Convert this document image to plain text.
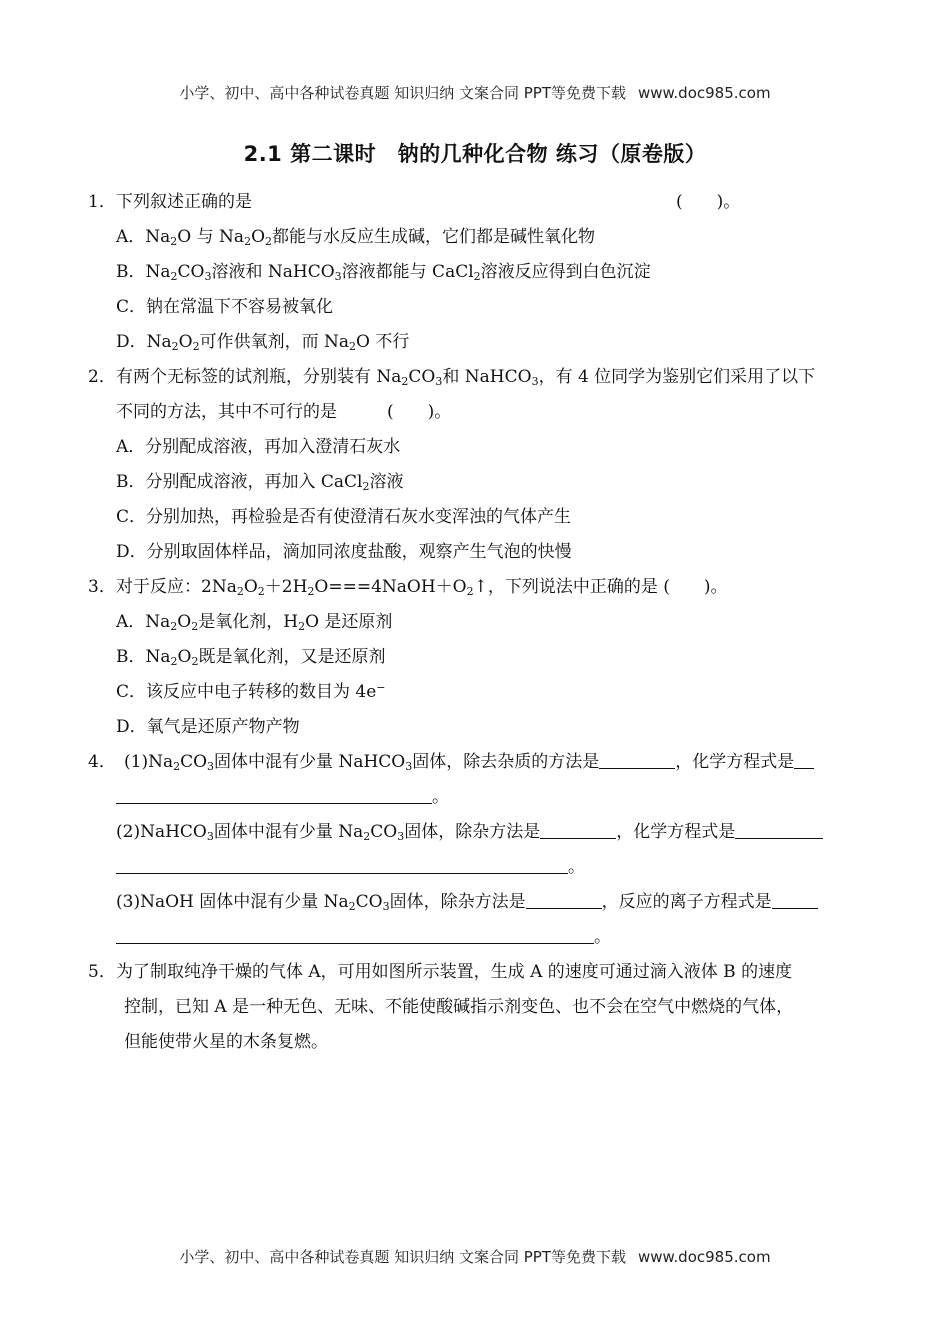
小学、初中、高中各种试卷真题 知识归纳 文案合同 PPT等免费下载 www.doc985.com
2.1 第二课时　钠的几种化合物 练习（原卷版）
1．下列叙述正确的是	(　　)。
A．$Na_2O$ 与 $Na_2O_2$都能与水反应生成碱，它们都是碱性氧化物
B．$Na_2CO_3$溶液和 NaHCO$_3$溶液都能与 CaCl$_2$溶液反应得到白色沉淀
C．钠在常温下不容易被氧化
D．$Na_2O_2$可作供氧剂，而 $Na_2O$ 不行
2．有两个无标签的试剂瓶，分别装有 $Na_2CO_3$和 NaHCO$_3$，有 4 位同学为鉴别它们采用了以下
不同的方法，其中不可行的是	(　　)。
A．分别配成溶液，再加入澄清石灰水
B．分别配成溶液，再加入 CaCl$_2$溶液
C．分别加热，再检验是否有使澄清石灰水变浑浊的气体产生
D．分别取固体样品，滴加同浓度盐酸，观察产生气泡的快慢
3．对于反应：$2Na_2O_2+2H_2O===4NaOH+O_2↑$，下列说法中正确的是 (　　)。
A．$Na_2O_2$是氧化剂，$H_2O$ 是还原剂
B．$Na_2O_2$既是氧化剂，又是还原剂
C．该反应中电子转移的数目为 4e−
D．氧气是还原产物产物
4． $(1)Na_2CO_3$固体中混有少量 NaHCO$_3$固体，除去杂质的方法是	，化学方程式是
。
(2)NaHCO$_3$固体中混有少量 $Na_2CO_3$固体，除杂方法是	，化学方程式是
。
(3)NaOH 固体中混有少量 $Na_2CO_3$固体，除杂方法是	，反应的离子方程式是
。
5．为了制取纯净干燥的气体 A，可用如图所示装置，生成 A 的速度可通过滴入液体 B 的速度
控制，已知 A 是一种无色、无味、不能使酸碱指示剂变色、也不会在空气中燃烧的气体，
但能使带火星的木条复燃。
小学、初中、高中各种试卷真题 知识归纳 文案合同 PPT等免费下载 www.doc985.com
